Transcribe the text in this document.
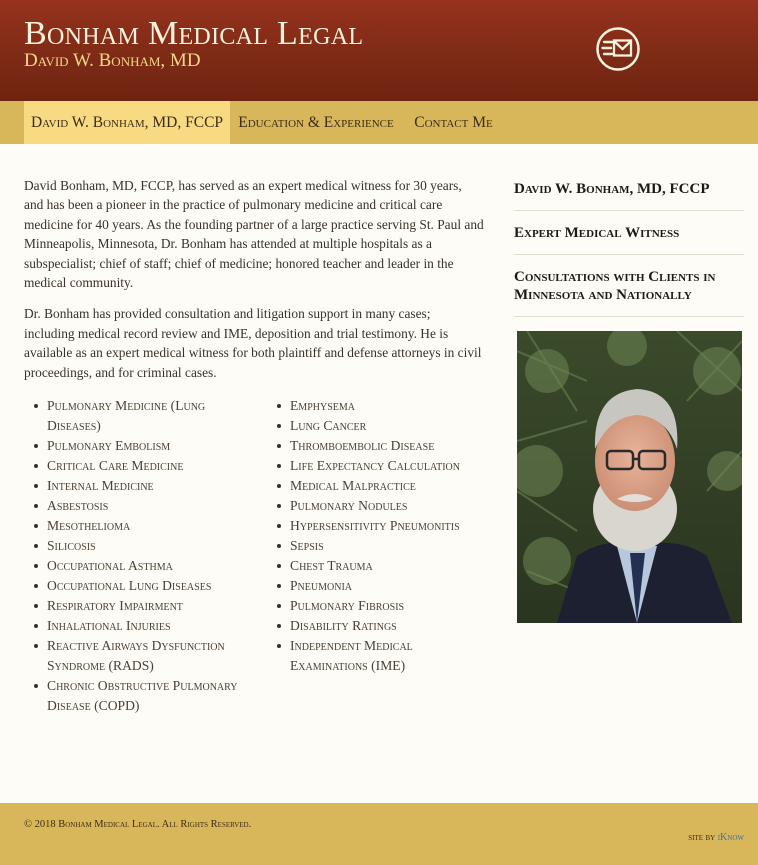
Bonham Medical Legal
David W. Bonham, MD
David W. Bonham, MD, FCCP Education & Experience	Contact Me

David Bonham, MD, FCCP, has served as an expert medical witness for 30 years, and has been a pioneer in the practice of pulmonary medicine and critical care medicine for 40 years. As the founding partner of a large practice serving St. Paul and Minneapolis, Minnesota, Dr. Bonham has attended at multiple hospitals as a subspecialist; chief of staff; chief of medicine; honored teacher and leader in the medical community.

Dr. Bonham has provided consultation and litigation support in many cases; including medical record review and IME, deposition and trial testimony. He is available as an expert medical witness for both plaintiff and defense attorneys in civil proceedings, and for criminal cases.

Pulmonary Medicine (Lung Diseases)
Pulmonary Embolism
Critical Care Medicine
Internal Medicine
Asbestosis
Mesothelioma
Silicosis
Occupational Asthma
Occupational Lung Diseases
Respiratory Impairment
Inhalational Injuries
Reactive Airways Dysfunction Syndrome (RADS)
Chronic Obstructive Pulmonary Disease (COPD)
Emphysema
Lung Cancer
Thromboembolic Disease
Life Expectancy Calculation
Medical Malpractice
Pulmonary Nodules
Hypersensitivity Pneumonitis
Sepsis
Chest Trauma
Pneumonia
Pulmonary Fibrosis
Disability Ratings
Independent Medical Examinations (IME)
David W. Bonham, MD, FCCP
Expert Medical Witness
Consultations with Clients in Minnesota and Nationally
© 2018 Bonham Medical Legal. All Rights Reserved.
site by iKnow
